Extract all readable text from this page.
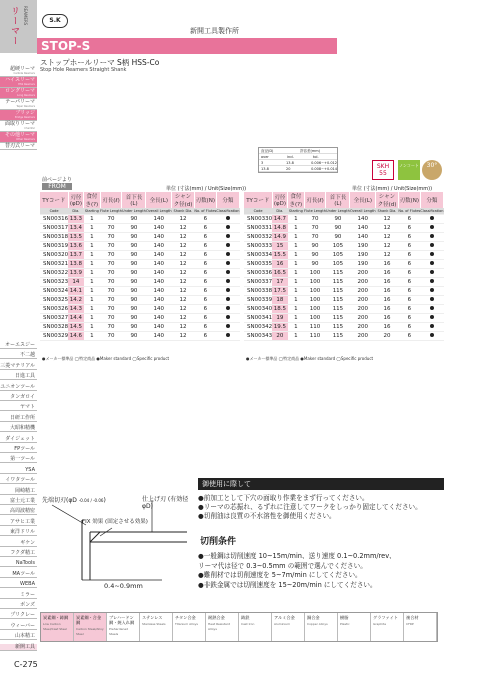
リーマー	REAMERS
超硬リーマ
Carbide Reamers
ハイスリーマ
HSS Reamers
ロングリーマ
Long Reamers
テーパリーマ
Taper Reamers
ブリッジ
Bridge Reamers
面取りリーマ
Chamfer
その他リーマ
Other Reamers
替刃式リーマ
オーエスジー
不二越
三菱マテリアル
日進工具
ユニオンツール
タンガロイ
ヤマト
日研工作所
大昭和精機
ダイジェット
FPツール
第一ツール
YSA
イワタツール
岡崎精工
富士元工業
高周波精密
アサヒ工業
東洋ドリル
ギケン
フクダ精工
NaTools
MAツール
WEBA
ミラー
ボンズ
プリクレー
ウィーバー
山本精工
新開工具
S.K
新開工具製作所
STOP-S
ストップホールリーマ S柄 HSS-Co
Stop Hole Reamers Straight Shank
直径(D)	許容差(mm)
over	incl.	tol.
3	13.8	0.006~+0.012
13.8	20	0.008~+0.014	SKH 55
ノンコート	30°
前ページより
FROM	単位 (寸法(mm) / Unit(Size(mm))	単位 (寸法(mm) / Unit(Size(mm))
TYコード	刃径(φD)	食付き(?)	刃長(ℓ)	首下長(L)	全長(L)	シャンク径(d)	刃数(N)	分類
Code	Dia.	Starting	Flute Length	Under Length	Overall Length	Shank Dia.	No. of Flutes	Classification
SN00316	13.3	1	70	90	140	12	6	
SN00317	13.4	1	70	90	140	12	6	
SN00318	13.5	1	70	90	140	12	6	
SN00319	13.6	1	70	90	140	12	6	
SN00320	13.7	1	70	90	140	12	6	
SN00321	13.8	1	70	90	140	12	6	
SN00322	13.9	1	70	90	140	12	6	
SN00323	14	1	70	90	140	12	6	
SN00324	14.1	1	70	90	140	12	6	
SN00325	14.2	1	70	90	140	12	6	
SN00326	14.3	1	70	90	140	12	6	
SN00327	14.4	1	70	90	140	12	6	
SN00328	14.5	1	70	90	140	12	6	
SN00329	14.6	1	70	90	140	12	6	
TYコード	刃径(φD)	食付き(?)	刃長(ℓ)	首下長(L)	全長(L)	シャンク径(d)	刃数(N)	分類
Code	Dia.	Starting	Flute Length	Under Length	Overall Length	Shank Dia.	No. of Flutes	Classification
SN00330	14.7	1	70	90	140	12	6	
SN00331	14.8	1	70	90	140	12	6	
SN00332	14.9	1	70	90	140	12	6	
SN00333	15	1	90	105	190	12	6	
SN00334	15.5	1	90	105	190	12	6	
SN00335	16	1	90	105	190	16	6	
SN00336	16.5	1	100	115	200	16	6	
SN00337	17	1	100	115	200	16	6	
SN00338	17.5	1	100	115	200	16	6	
SN00339	18	1	100	115	200	16	6	
SN00340	18.5	1	100	115	200	16	6	
SN00341	19	1	100	115	200	16	6	
SN00342	19.5	1	110	115	200	16	6	
SN00343	20	1	110	115	200	20	6	
●メーカー標準品 ◯特定商品 ●Maker standard ◯Specific product	●メーカー標準品 ◯特定商品 ●Maker standard ◯Specific product
先端切刃(φD -0.04 / -0.06)	仕上げ刃 (有効径φD)
FIX 効果 (固定させる効果)
0.4~0.9mm
御使用に際して
●前加工として下穴の面取り作業をまず行ってください。
●リーマの芯振れ、るずれに注意してワークをしっかり固定してください。
●切削油は良質の不水溶性を御使用ください。
切削条件
●一般鋼は切削速度 10~15m/min、送り速度 0.1~0.2mm/rev、
リーマ代は径で 0.3~0.5mm の範囲で選んでください。
●難削材では切削速度を 5~7m/min にしてください。
●非鉄金属では切削速度を 15~20m/min にしてください。
炭素鋼・鋳鋼
Low Carbon Steel/Cast Steel
炭素鋼・合金鋼
Carbon Steel/Alloy Steel
プレハードン鋼・焼入れ鋼
Prehardened Steels
ステンレス
Stainless Steels
チタン合金
Titanium Alloys
耐熱合金
Heat Resistant Alloys
鋳鉄
Cast Iron
アルミ合金
Aluminium
銅合金
Copper Alloys
樹脂
Plastic
グラファイト
Graphite
複合材
CFRP
C-275
